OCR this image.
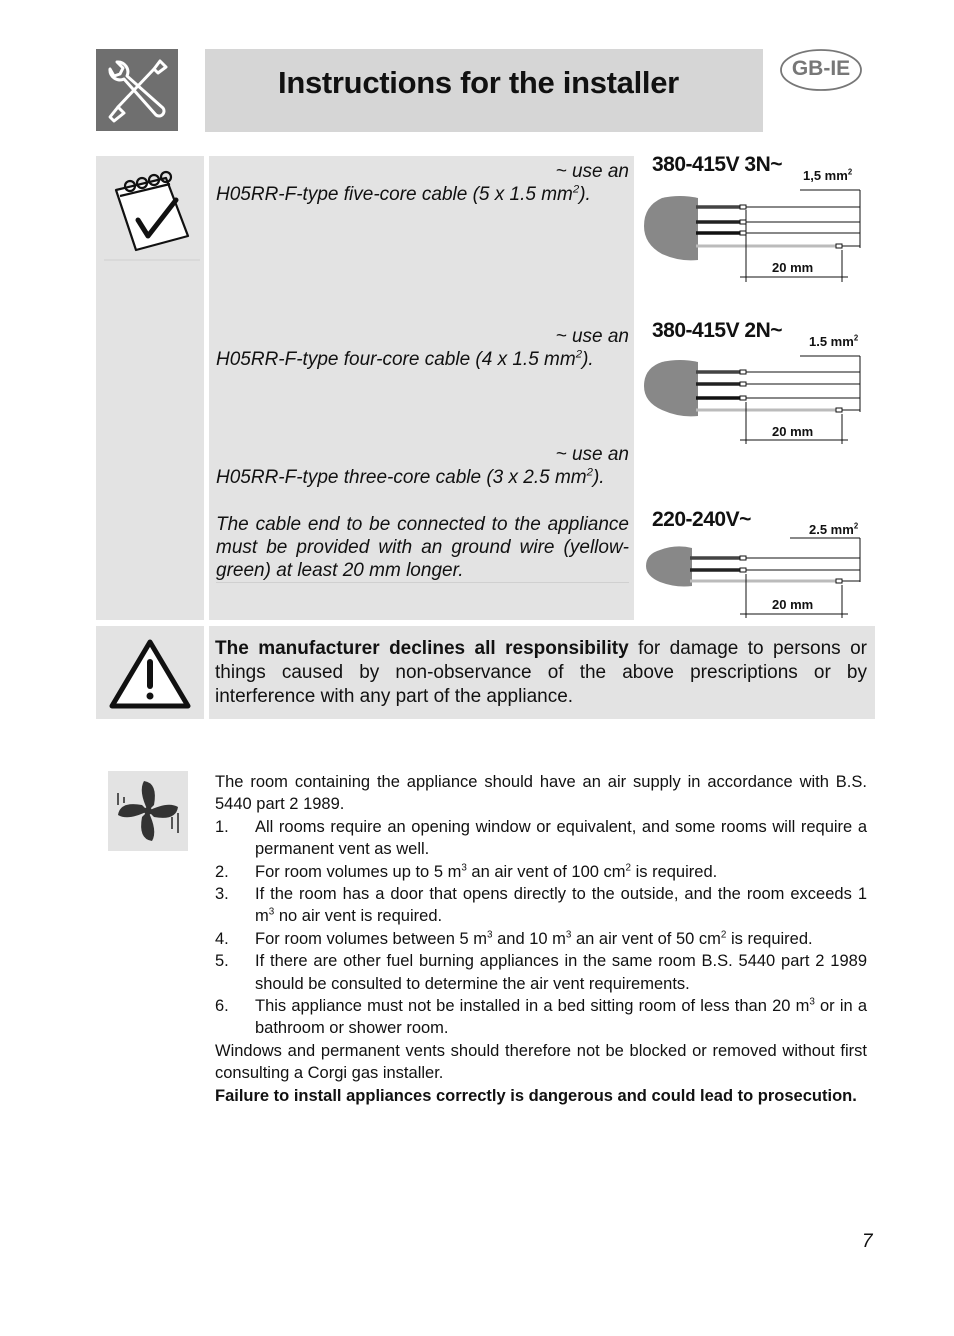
Instructions for the installer	GB-IE
~ use an
H05RR-F-type five-core cable (5 x 1.5 $mm^2$).
~ use an
H05RR-F-type four-core cable (4 x 1.5 $mm^2$).
~ use an
H05RR-F-type three-core cable (3 x 2.5 $mm^2$).
The cable end to be connected to the appliance must be provided with an ground wire (yellow-green) at least 20 mm longer.
380-415V 3N~ 1,5 $mm^2$
20 mm
380-415V 2N~ 1.5 $mm^2$
20 mm
220-240V~	2.5 $mm^2$
20 mm

The manufacturer declines all responsibility for damage to persons or things caused by non-observance of the above prescriptions or by interference with any part of the appliance.

The room containing the appliance should have an air supply in accordance with B.S. 5440 part 2 1989.

1. All rooms require an opening window or equivalent, and some rooms will require a permanent vent as well.
2. For room volumes up to 5 $m^3$ an air vent of 100 $cm^2$ is required.
3. If the room has a door that opens directly to the outside, and the room exceeds 1 $m^3$ no air vent is required.
4. For room volumes between 5 $m^3$ and 10 $m^3$ an air vent of 50 $cm^2$ is required.
5. If there are other fuel burning appliances in the same room B.S. 5440 part 2 1989 should be consulted to determine the air vent requirements.
6. This appliance must not be installed in a bed sitting room of less than 20 $m^3$ or in a bathroom or shower room.

Windows and permanent vents should therefore not be blocked or removed without first consulting a Corgi gas installer.

Failure to install appliances correctly is dangerous and could lead to prosecution.

7
